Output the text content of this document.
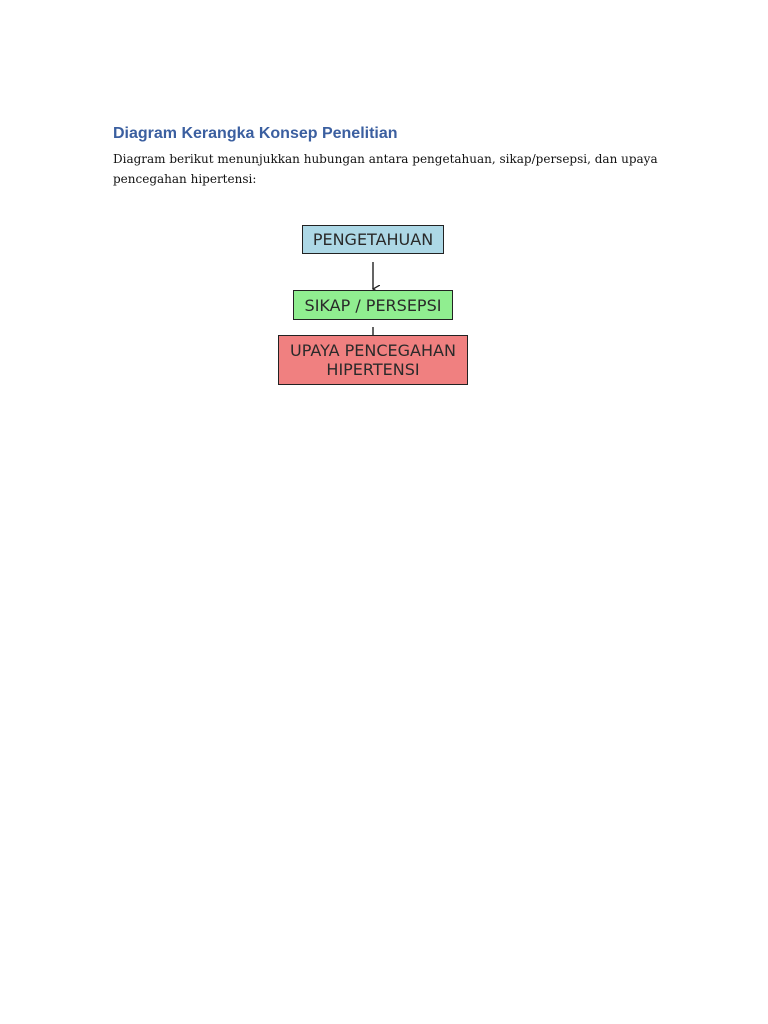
Diagram Kerangka Konsep Penelitian
Diagram berikut menunjukkan hubungan antara pengetahuan, sikap/persepsi, dan upaya pencegahan hipertensi:
PENGETAHUAN
SIKAP / PERSEPSI
UPAYA PENCEGAHAN
HIPERTENSI
